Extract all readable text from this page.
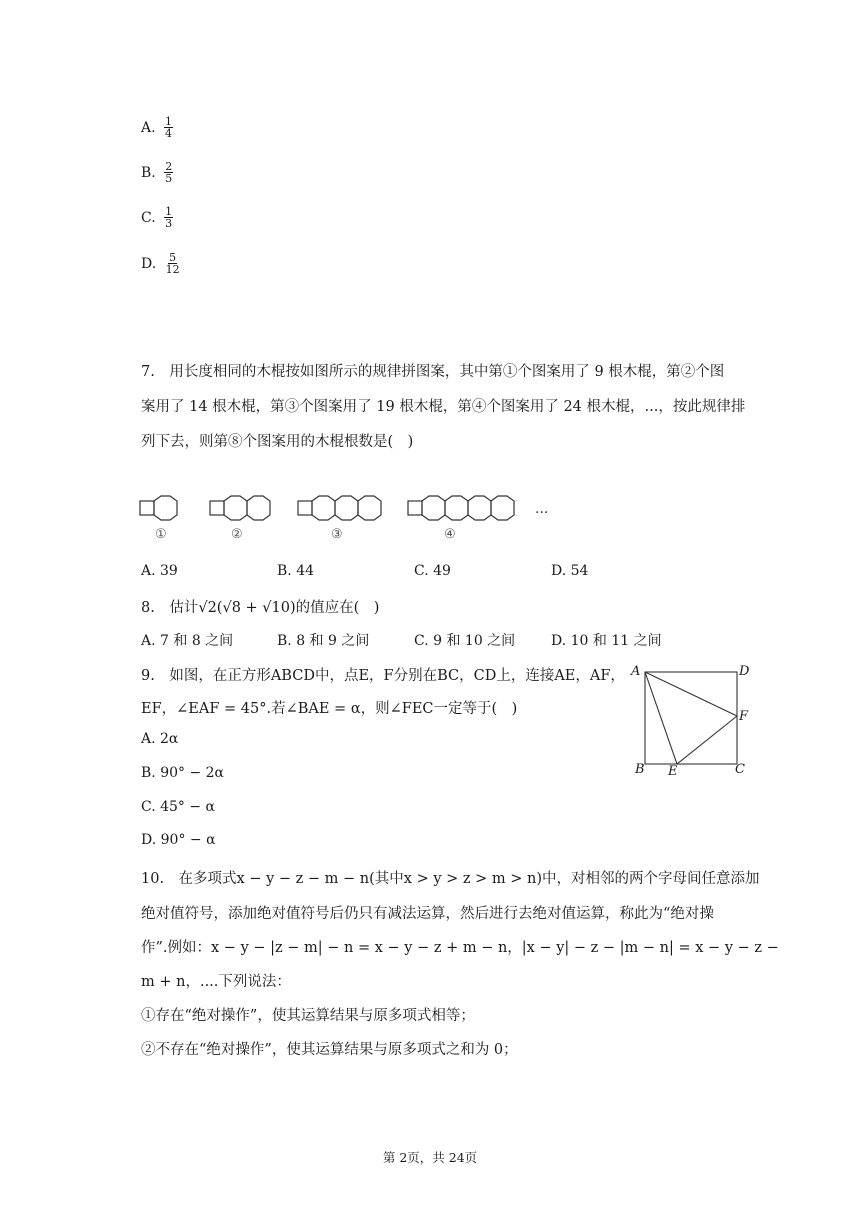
A. $\frac{1}{4}$
B. $\frac{2}{5}$
C. $\frac{1}{3}$
D. $\frac{5}{12}$
7.　用长度相同的木棍按如图所示的规律拼图案，其中第①个图案用了 9 根木棍，第②个图
案用了 14 根木棍，第③个图案用了 19 根木棍，第④个图案用了 24 根木棍，...，按此规律排
列下去，则第⑧个图案用的木棍根数是(　)
...
①	②	③	④
A. 39	B. 44	C. 49	D. 54
8.　估计√2(√8 + √10)的值应在(　)
A. 7 和 8 之间	B. 8 和 9 之间	C. 9 和 10 之间	D. 10 和 11 之间
9.　如图，在正方形ABCD中，点E，F分别在BC，CD上，连接AE，AF，
EF，∠EAF = 45°.若∠BAE = α，则∠FEC一定等于(　)
A. 2α
B. 90° − 2α
C. 45° − α
D. 90° − α
A	D
F
B E	C
10.　在多项式x − y − z − m − n(其中x > y > z > m > n)中，对相邻的两个字母间任意添加
绝对值符号，添加绝对值符号后仍只有减法运算，然后进行去绝对值运算，称此为“绝对操
作”.例如：x − y − |z − m| − n = x − y − z + m − n，|x − y| − z − |m − n| = x − y − z −
m + n，....下列说法：
①存在“绝对操作”，使其运算结果与原多项式相等；
②不存在“绝对操作”，使其运算结果与原多项式之和为 0；
第 2页，共 24页
